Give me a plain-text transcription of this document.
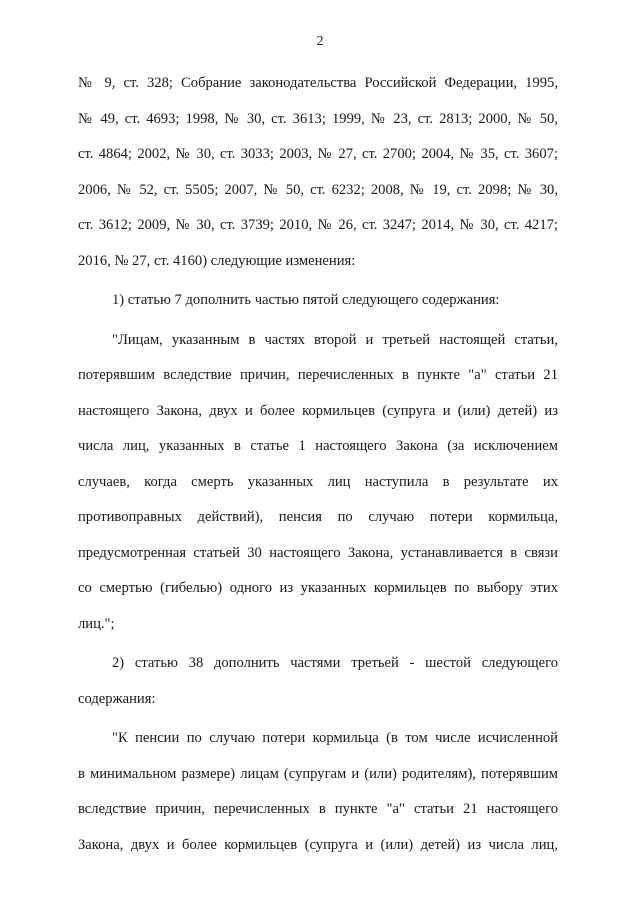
2
№ 9, ст. 328; Собрание законодательства Российской Федерации, 1995,
№ 49, ст. 4693; 1998, № 30, ст. 3613; 1999, № 23, ст. 2813; 2000, № 50,
ст. 4864; 2002, № 30, ст. 3033; 2003, № 27, ст. 2700; 2004, № 35, ст. 3607;
2006, № 52, ст. 5505; 2007, № 50, ст. 6232; 2008, № 19, ст. 2098; № 30,
ст. 3612; 2009, № 30, ст. 3739; 2010, № 26, ст. 3247; 2014, № 30, ст. 4217;
2016, № 27, ст. 4160) следующие изменения:
1) статью 7 дополнить частью пятой следующего содержания:
"Лицам, указанным в частях второй и третьей настоящей статьи,
потерявшим вследствие причин, перечисленных в пункте "а" статьи 21
настоящего Закона, двух и более кормильцев (супруга и (или) детей) из
числа лиц, указанных в статье 1 настоящего Закона (за исключением
случаев, когда смерть указанных лиц наступила в результате их
противоправных действий), пенсия по случаю потери кормильца,
предусмотренная статьей 30 настоящего Закона, устанавливается в связи
со смертью (гибелью) одного из указанных кормильцев по выбору этих
лиц.";
2) статью 38 дополнить частями третьей - шестой следующего
содержания:
"К пенсии по случаю потери кормильца (в том числе исчисленной
в минимальном размере) лицам (супругам и (или) родителям), потерявшим
вследствие причин, перечисленных в пункте "а" статьи 21 настоящего
Закона, двух и более кормильцев (супруга и (или) детей) из числа лиц,
